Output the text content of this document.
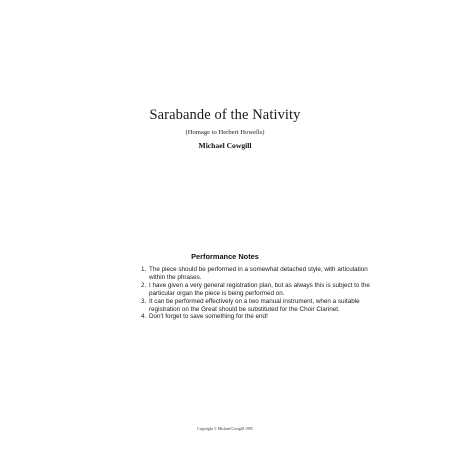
Sarabande of the Nativity
(Homage to Herbert Howells)
Michael Cowgill
Performance Notes
1. The piece should be performed in a somewhat detached style, with articulation within the phrases.
2. I have given a very general registration plan, but as always this is subject to the particular organ the piece is being performed on.
3. It can be performed effectively on a two manual instrument, when a suitable registration on the Great should be substituted for the Choir Clarinet.
4. Don't forget to save something for the end!
Copyright © Michael Cowgill 1995
